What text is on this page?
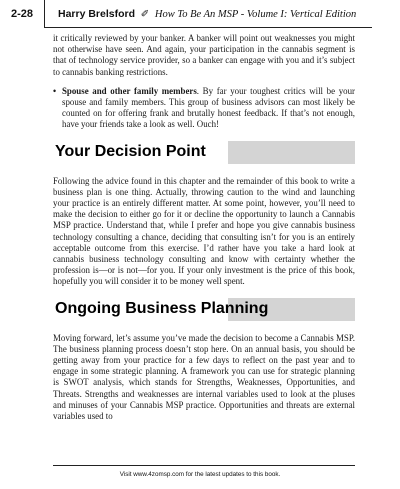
2-28	Harry Brelsford ✐ How To Be An MSP - Volume I: Vertical Edition

it critically reviewed by your banker. A banker will point out weaknesses you might not otherwise have seen. And again, your participation in the cannabis segment is that of technology service provider, so a banker can engage with you and it’s subject to cannabis banking restrictions.

• Spouse and other family members. By far your toughest critics will be your spouse and family members. This group of business advisors can most likely be counted on for offering frank and brutally honest feedback. If that’s not enough, have your friends take a look as well. Ouch!
Your Decision Point

Following the advice found in this chapter and the remainder of this book to write a business plan is one thing. Actually, throwing caution to the wind and launching your practice is an entirely different matter. At some point, however, you’ll need to make the decision to either go for it or decline the opportunity to launch a Cannabis MSP practice. Understand that, while I prefer and hope you give cannabis business technology consulting a chance, deciding that consulting isn’t for you is an entirely acceptable outcome from this exercise. I’d rather have you take a hard look at cannabis business technology consulting and know with certainty whether the profession is—or is not—for you. If your only investment is the price of this book, hopefully you will consider it to be money well spent.

Ongoing Business Planning

Moving forward, let’s assume you’ve made the decision to become a Cannabis MSP. The business planning process doesn’t stop here. On an annual basis, you should be getting away from your practice for a few days to reflect on the past year and to engage in some strategic planning. A framework you can use for strategic planning is SWOT analysis, which stands for Strengths, Weaknesses, Opportunities, and Threats. Strengths and weaknesses are internal variables used to look at the pluses and minuses of your Cannabis MSP practice. Opportunities and threats are external variables used to

Visit www.4zomsp.com for the latest updates to this book.
